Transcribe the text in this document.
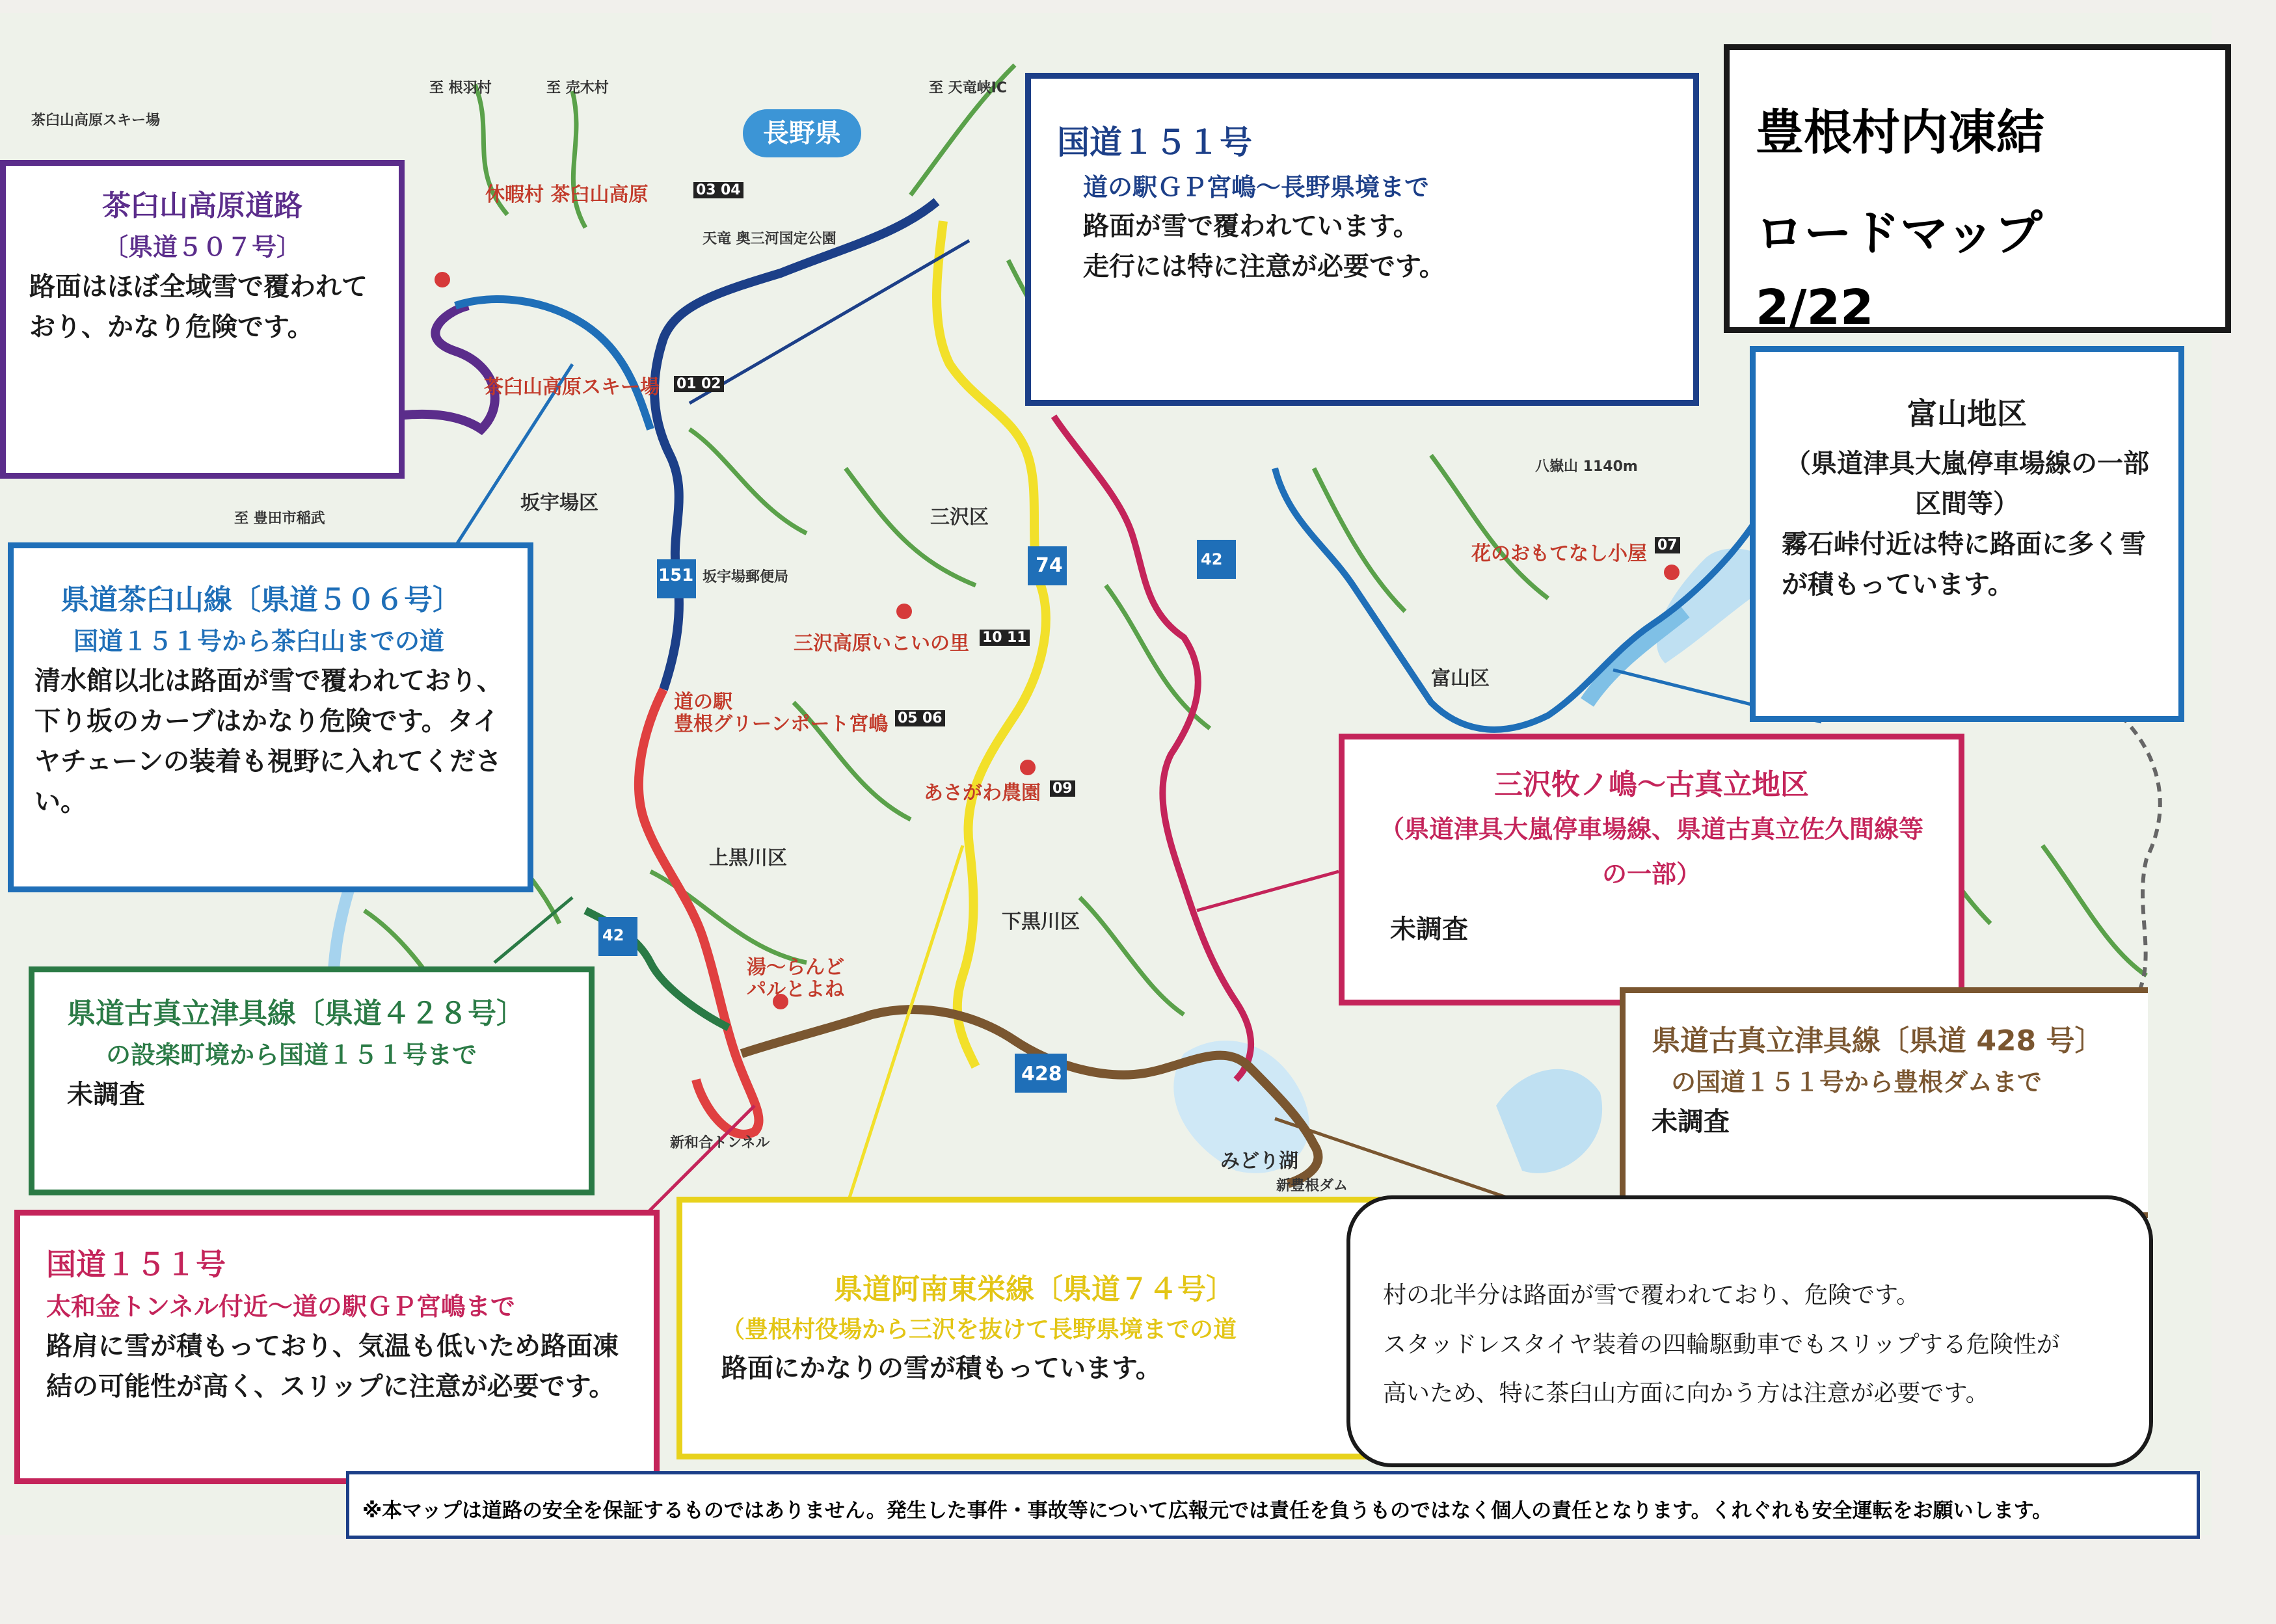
長野県
茶臼山高原スキー場
至 根羽村	至 売木村	至 天竜峡IC
至 豊田市稲武
休暇村 茶臼山高原
茶臼山高原スキー場
坂宇場区
三沢区
三沢高原いこいの里
道の駅
豊根グリーンポート宮嶋
あさがわ農園
上黒川区
下黒川区
湯～らんど
パルとよね
富山区
花のおもてなし小屋
みどり湖
新和合トンネル
新豊根ダム
八嶽山 1140m
天竜 奥三河国定公園
坂宇場郵便局
151	74	42
428
42
03 04
01 02
05 06
07
09
10 11
豊根村内凍結
ロードマップ　2/22
茶臼山高原道路
〔県道５０７号〕
路面はほぼ全域雪で覆われており、かなり危険です。
国道１５１号
道の駅ＧＰ宮嶋～長野県境まで
路面が雪で覆われています。
走行には特に注意が必要です。
富山地区
（県道津具大嵐停車場線の一部区間等）
霧石峠付近は特に路面に多く雪が積もっています。
県道茶臼山線〔県道５０６号〕
国道１５１号から茶臼山までの道
清水館以北は路面が雪で覆われており、下り坂のカーブはかなり危険です。タイヤチェーンの装着も視野に入れてください。
三沢牧ノ嶋～古真立地区
（県道津具大嵐停車場線、県道古真立佐久間線等の一部）
未調査
県道古真立津具線〔県道４２８号〕
の設楽町境から国道１５１号まで
未調査
県道古真立津具線〔県道 428 号〕
の国道１５１号から豊根ダムまで
未調査
国道１５１号
太和金トンネル付近～道の駅ＧＰ宮嶋まで
路肩に雪が積もっており、気温も低いため路面凍結の可能性が高く、スリップに注意が必要です。
県道阿南東栄線〔県道７４号〕
（豊根村役場から三沢を抜けて長野県境までの道
路面にかなりの雪が積もっています。
村の北半分は路面が雪で覆われており、危険です。
スタッドレスタイヤ装着の四輪駆動車でもスリップする危険性が
高いため、特に茶臼山方面に向かう方は注意が必要です。
※本マップは道路の安全を保証するものではありません。発生した事件・事故等について広報元では責任を負うものではなく個人の責任となります。くれぐれも安全運転をお願いします。
